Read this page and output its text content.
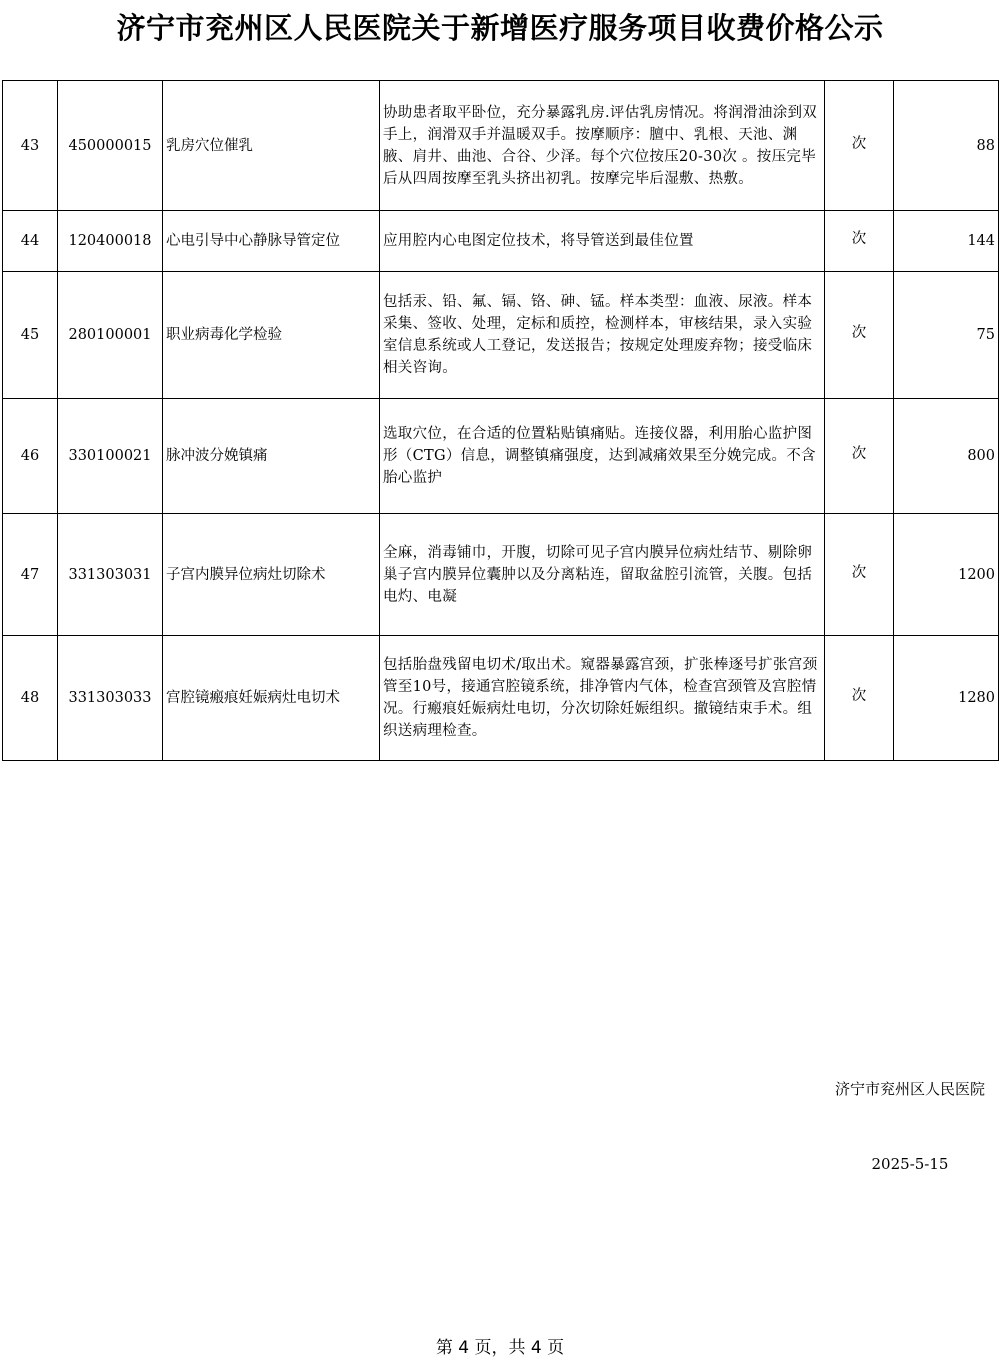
济宁市兖州区人民医院关于新增医疗服务项目收费价格公示
43	450000015	乳房穴位催乳	协助患者取平卧位，充分暴露乳房.评估乳房情况。将润滑油涂到双手上，润滑双手并温暖双手。按摩顺序：膻中、乳根、天池、渊腋、肩井、曲池、合谷、少泽。每个穴位按压20-30次 。按压完毕后从四周按摩至乳头挤出初乳。按摩完毕后湿敷、热敷。	次	88
44	120400018	心电引导中心静脉导管定位	应用腔内心电图定位技术，将导管送到最佳位置	次	144
45	280100001	职业病毒化学检验	包括汞、铅、氟、镉、铬、砷、锰。样本类型：血液、尿液。样本采集、签收、处理，定标和质控，检测样本，审核结果，录入实验室信息系统或人工登记，发送报告；按规定处理废弃物；接受临床相关咨询。	次	75
46	330100021	脉冲波分娩镇痛	选取穴位，在合适的位置粘贴镇痛贴。连接仪器，利用胎心监护图形（CTG）信息，调整镇痛强度，达到减痛效果至分娩完成。不含胎心监护	次	800
47	331303031	子宫内膜异位病灶切除术	全麻，消毒铺巾，开腹，切除可见子宫内膜异位病灶结节、剔除卵巢子宫内膜异位囊肿以及分离粘连，留取盆腔引流管，关腹。包括电灼、电凝	次	1200
48	331303033	宫腔镜瘢痕妊娠病灶电切术	包括胎盘残留电切术/取出术。窥器暴露宫颈，扩张棒逐号扩张宫颈管至10号，接通宫腔镜系统，排净管内气体，检查宫颈管及宫腔情况。行瘢痕妊娠病灶电切，分次切除妊娠组织。撤镜结束手术。组织送病理检查。	次	1280
济宁市兖州区人民医院
2025-5-15
第 4 页，共 4 页
